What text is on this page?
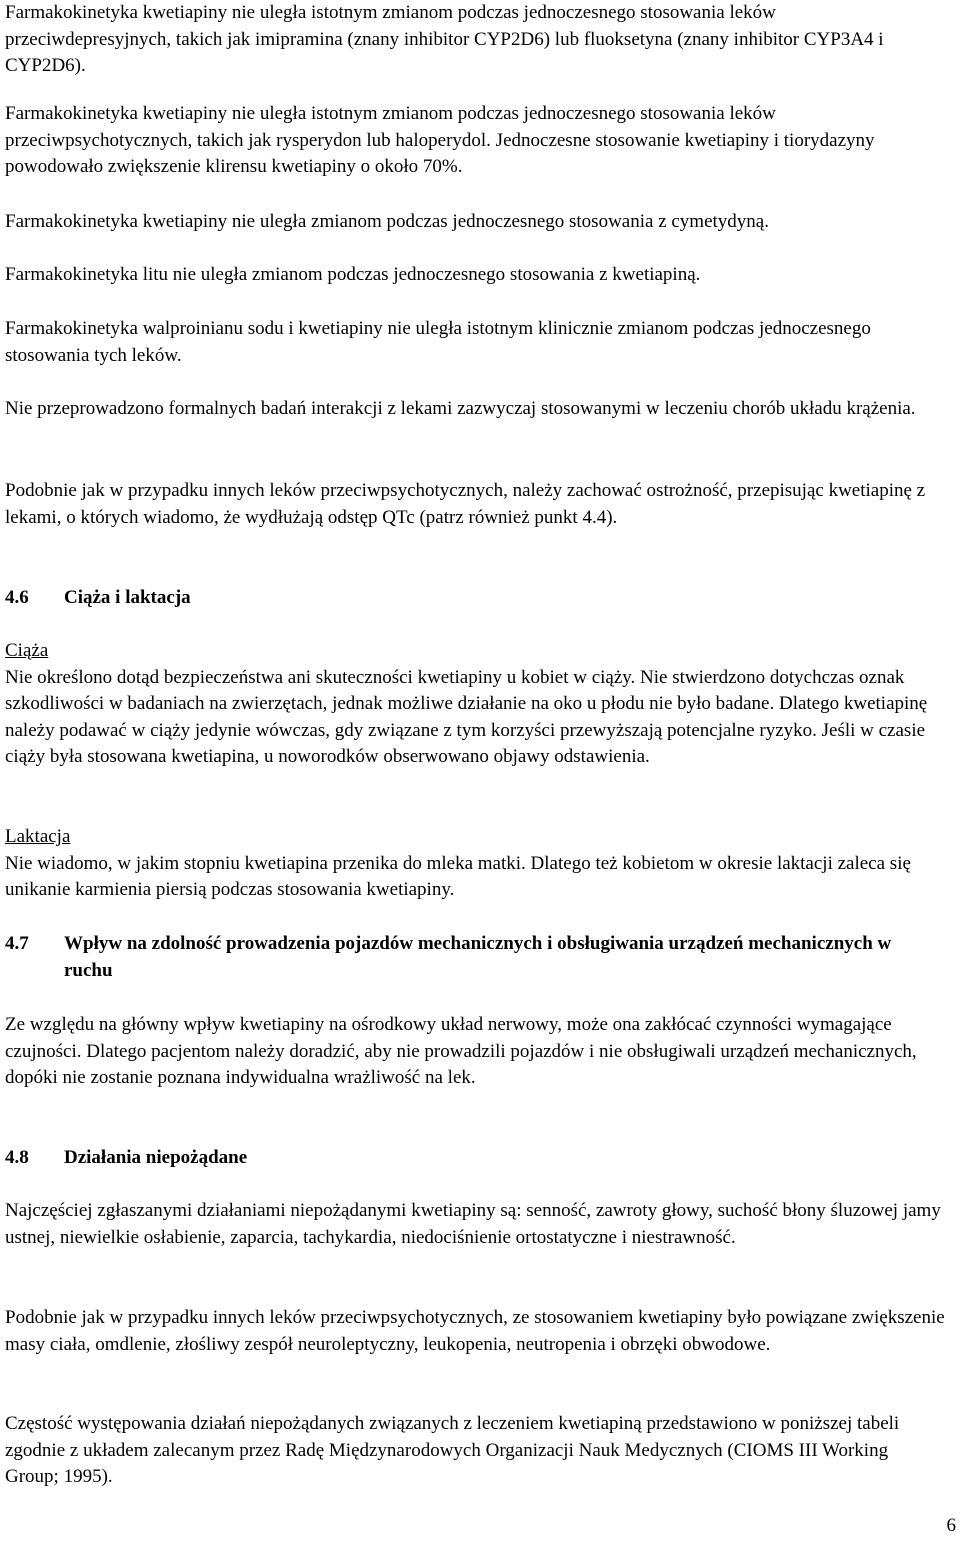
Farmakokinetyka kwetiapiny nie uległa istotnym zmianom podczas jednoczesnego stosowania leków przeciwdepresyjnych, takich jak imipramina (znany inhibitor CYP2D6) lub fluoksetyna (znany inhibitor CYP3A4 i CYP2D6).

Farmakokinetyka kwetiapiny nie uległa istotnym zmianom podczas jednoczesnego stosowania leków przeciwpsychotycznych, takich jak rysperydon lub haloperydol. Jednoczesne stosowanie kwetiapiny i tiorydazyny powodowało zwiększenie klirensu kwetiapiny o około 70%.

Farmakokinetyka kwetiapiny nie uległa zmianom podczas jednoczesnego stosowania z cymetydyną.

Farmakokinetyka litu nie uległa zmianom podczas jednoczesnego stosowania z kwetiapiną.

Farmakokinetyka walproinianu sodu i kwetiapiny nie uległa istotnym klinicznie zmianom podczas jednoczesnego stosowania tych leków.

Nie przeprowadzono formalnych badań interakcji z lekami zazwyczaj stosowanymi w leczeniu chorób układu krążenia.

Podobnie jak w przypadku innych leków przeciwpsychotycznych, należy zachować ostrożność, przepisując kwetiapinę z lekami, o których wiadomo, że wydłużają odstęp QTc (patrz również punkt 4.4).

4.6 Ciąża i laktacja

Ciąża

Nie określono dotąd bezpieczeństwa ani skuteczności kwetiapiny u kobiet w ciąży. Nie stwierdzono dotychczas oznak szkodliwości w badaniach na zwierzętach, jednak możliwe działanie na oko u płodu nie było badane. Dlatego kwetiapinę należy podawać w ciąży jedynie wówczas, gdy związane z tym korzyści przewyższają potencjalne ryzyko. Jeśli w czasie ciąży była stosowana kwetiapina, u noworodków obserwowano objawy odstawienia.

Laktacja

Nie wiadomo, w jakim stopniu kwetiapina przenika do mleka matki. Dlatego też kobietom w okresie laktacji zaleca się unikanie karmienia piersią podczas stosowania kwetiapiny.

4.7 Wpływ na zdolność prowadzenia pojazdów mechanicznych i obsługiwania urządzeń mechanicznych w ruchu

Ze względu na główny wpływ kwetiapiny na ośrodkowy układ nerwowy, może ona zakłócać czynności wymagające czujności. Dlatego pacjentom należy doradzić, aby nie prowadzili pojazdów i nie obsługiwali urządzeń mechanicznych, dopóki nie zostanie poznana indywidualna wrażliwość na lek.

4.8 Działania niepożądane

Najczęściej zgłaszanymi działaniami niepożądanymi kwetiapiny są: senność, zawroty głowy, suchość błony śluzowej jamy ustnej, niewielkie osłabienie, zaparcia, tachykardia, niedociśnienie ortostatyczne i niestrawność.

Podobnie jak w przypadku innych leków przeciwpsychotycznych, ze stosowaniem kwetiapiny było powiązane zwiększenie masy ciała, omdlenie, złośliwy zespół neuroleptyczny, leukopenia, neutropenia i obrzęki obwodowe.

Częstość występowania działań niepożądanych związanych z leczeniem kwetiapiną przedstawiono w poniższej tabeli zgodnie z układem zalecanym przez Radę Międzynarodowych Organizacji Nauk Medycznych (CIOMS III Working Group; 1995).

6
